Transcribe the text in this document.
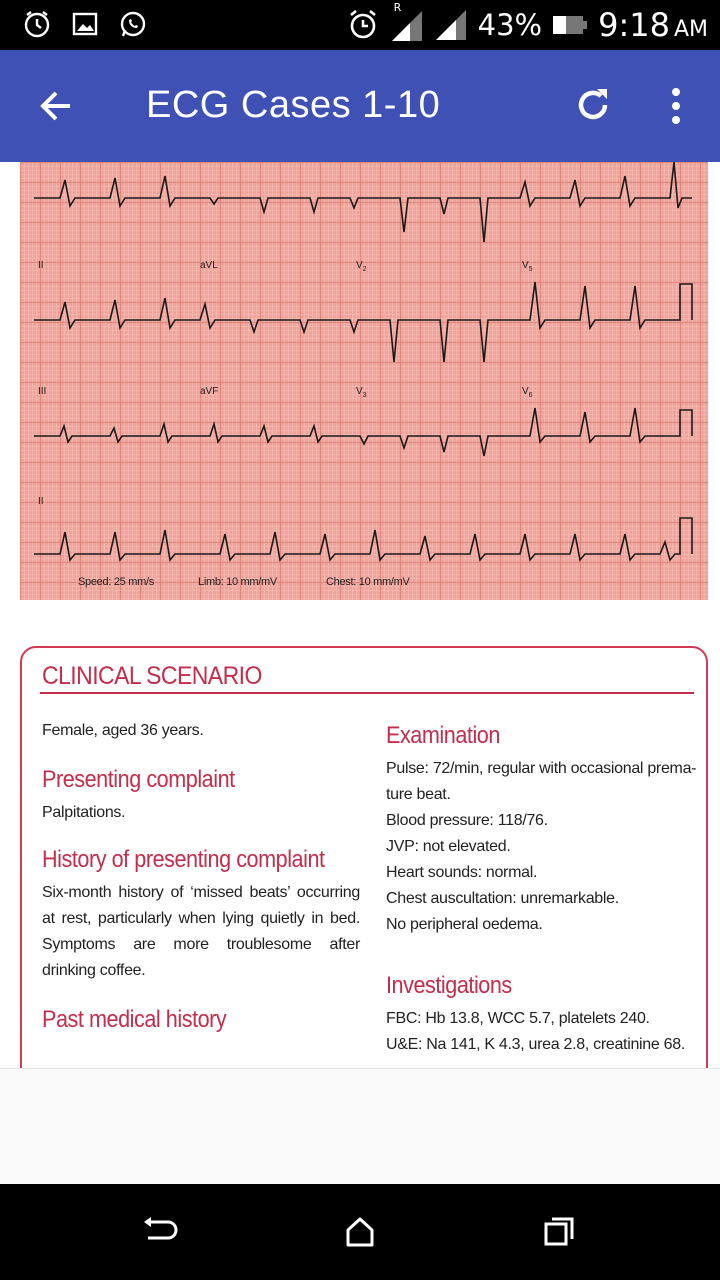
R
43% 9:18 AM
ECG Cases 1-10
II	aVL	$V_2$	$V_5$
III	aVF	$V_3$	$V_6$
II
Speed: 25 mm/s	Limb: 10 mm/mV	Chest: 10 mm/mV
CLINICAL SCENARIO
Female, aged 36 years.
Presenting complaint
Palpitations.
History of presenting complaint
Six-month history of ‘missed beats’ occurring at rest, particularly when lying quietly in bed. Symptoms are more troublesome after drinking coffee.
Past medical history
Examination
Pulse: 72/min, regular with occasional prema-
ture beat.
Blood pressure: 118/76.
JVP: not elevated.
Heart sounds: normal.
Chest auscultation: unremarkable.
No peripheral oedema.
Investigations
FBC: Hb 13.8, WCC 5.7, platelets 240.
U&E: Na 141, K 4.3, urea 2.8, creatinine 68.
